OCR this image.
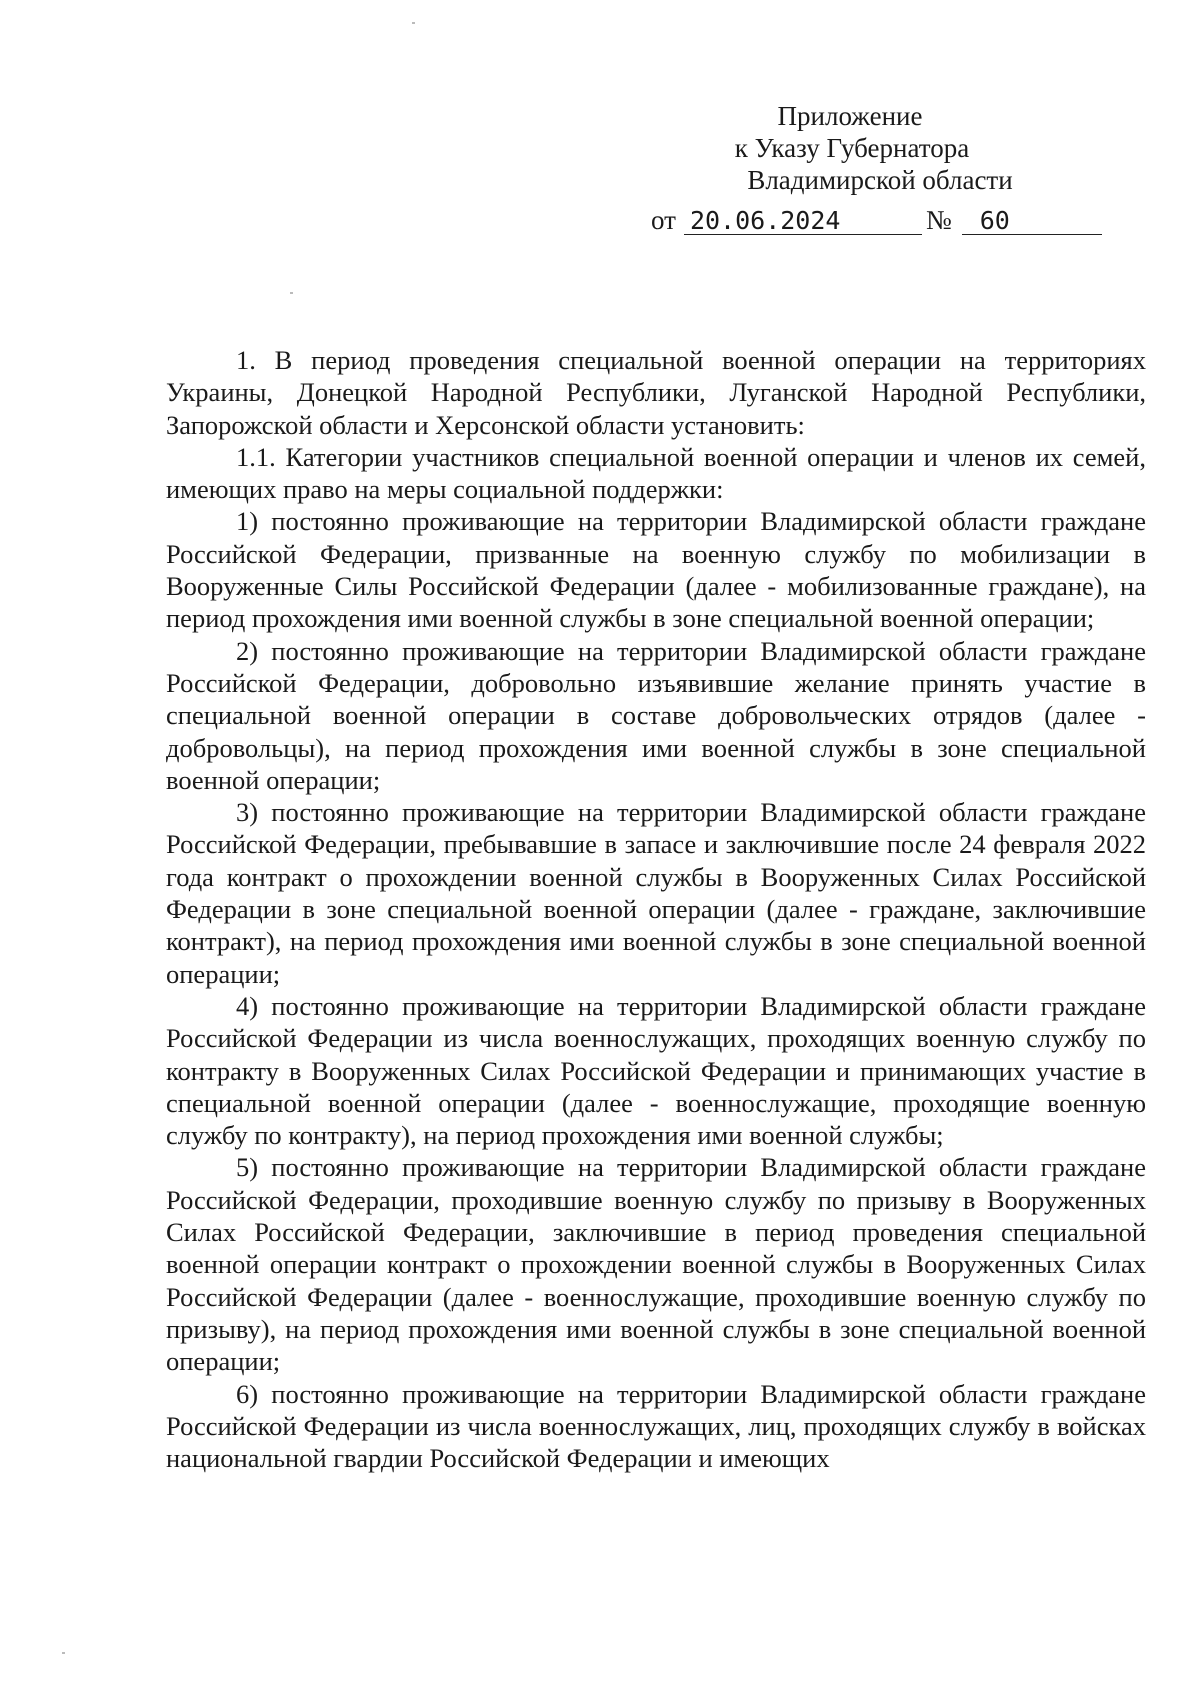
Приложение
к Указу Губернатора
Владимирской области
от 20.06.2024	№ 60

1. В период проведения специальной военной операции на территориях Украины, Донецкой Народной Республики, Луганской Народной Республики, Запорожской области и Херсонской области установить:

1.1. Категории участников специальной военной операции и членов их семей, имеющих право на меры социальной поддержки:

1) постоянно проживающие на территории Владимирской области граждане Российской Федерации, призванные на военную службу по мобилизации в Вооруженные Силы Российской Федерации (далее - мобилизованные граждане), на период прохождения ими военной службы в зоне специальной военной операции;

2) постоянно проживающие на территории Владимирской области граждане Российской Федерации, добровольно изъявившие желание принять участие в специальной военной операции в составе добровольческих отрядов (далее - добровольцы), на период прохождения ими военной службы в зоне специальной военной операции;

3) постоянно проживающие на территории Владимирской области граждане Российской Федерации, пребывавшие в запасе и заключившие после 24 февраля 2022 года контракт о прохождении военной службы в Вооруженных Силах Российской Федерации в зоне специальной военной операции (далее - граждане, заключившие контракт), на период прохождения ими военной службы в зоне специальной военной операции;

4) постоянно проживающие на территории Владимирской области граждане Российской Федерации из числа военнослужащих, проходящих военную службу по контракту в Вооруженных Силах Российской Федерации и принимающих участие в специальной военной операции (далее - военнослужащие, проходящие военную службу по контракту), на период прохождения ими военной службы;

5) постоянно проживающие на территории Владимирской области граждане Российской Федерации, проходившие военную службу по призыву в Вооруженных Силах Российской Федерации, заключившие в период проведения специальной военной операции контракт о прохождении военной службы в Вооруженных Силах Российской Федерации (далее - военнослужащие, проходившие военную службу по призыву), на период прохождения ими военной службы в зоне специальной военной операции;

6) постоянно проживающие на территории Владимирской области граждане Российской Федерации из числа военнослужащих, лиц, проходящих службу в войсках национальной гвардии Российской Федерации и имеющих
